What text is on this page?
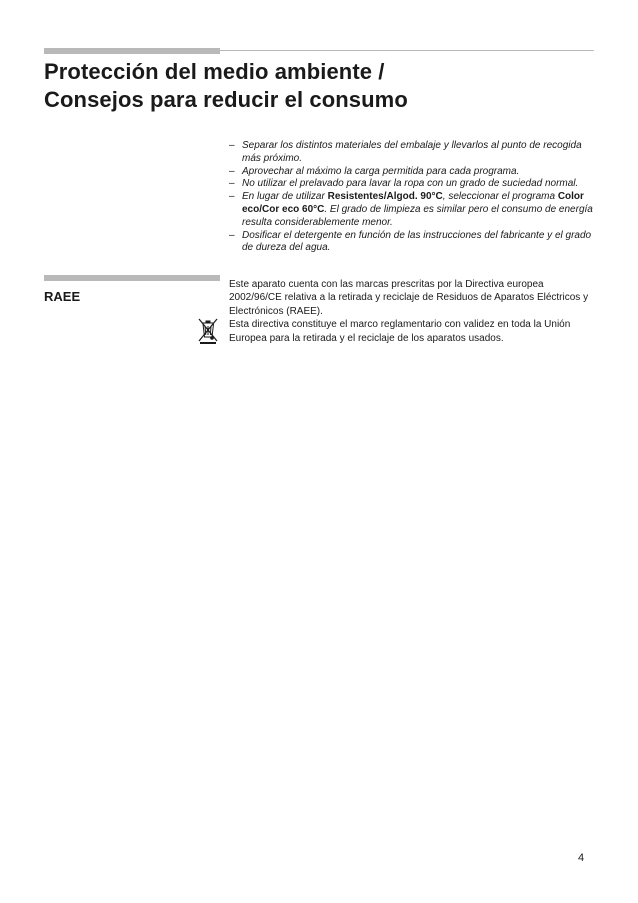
Protección del medio ambiente /
Consejos para reducir el consumo
– Separar los distintos materiales del embalaje y llevarlos al punto de recogida más próximo.
– Aprovechar al máximo la carga permitida para cada programa.
– No utilizar el prelavado para lavar la ropa con un grado de suciedad normal.
– En lugar de utilizar Resistentes/Algod. 90°C, seleccionar el programa Color eco/Cor eco 60°C. El grado de limpieza es similar pero el consumo de energía resulta considerablemente menor.
– Dosificar el detergente en función de las instrucciones del fabricante y el grado de dureza del agua.
RAEE

Este aparato cuenta con las marcas prescritas por la Directiva europea 2002/96/CE relativa a la retirada y reciclaje de Residuos de Aparatos Eléctricos y Electrónicos (RAEE).

Esta directiva constituye el marco reglamentario con validez en toda la Unión Europea para la retirada y el reciclaje de los aparatos usados.

4
